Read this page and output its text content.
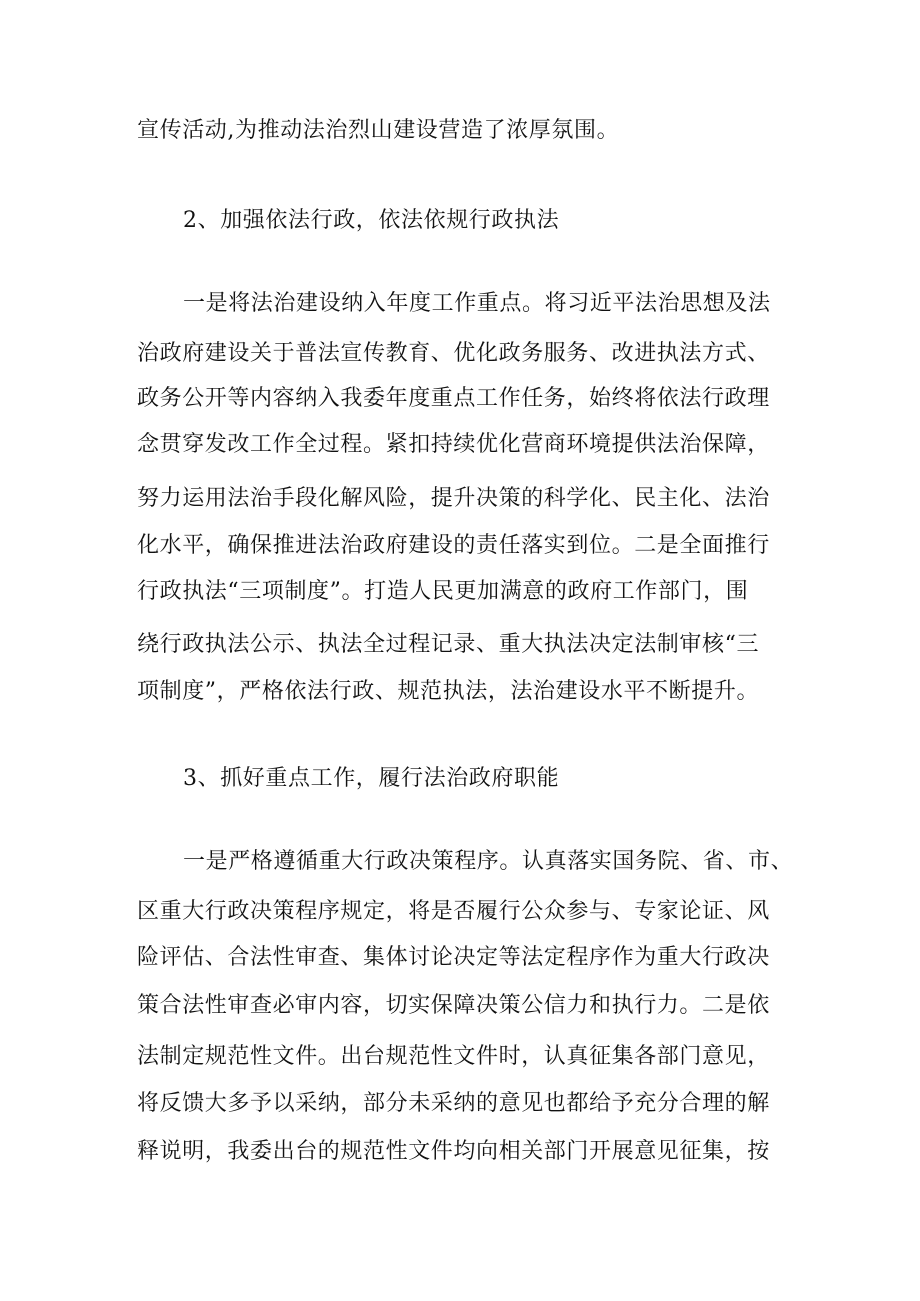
宣传活动,为推动法治烈山建设营造了浓厚氛围。
2、加强依法行政，依法依规行政执法
一是将法治建设纳入年度工作重点。将习近平法治思想及法
治政府建设关于普法宣传教育、优化政务服务、改进执法方式、
政务公开等内容纳入我委年度重点工作任务，始终将依法行政理
念贯穿发改工作全过程。紧扣持续优化营商环境提供法治保障，
努力运用法治手段化解风险，提升决策的科学化、民主化、法治
化水平，确保推进法治政府建设的责任落实到位。二是全面推行
行政执法“三项制度”。打造人民更加满意的政府工作部门，围
绕行政执法公示、执法全过程记录、重大执法决定法制审核“三
项制度”，严格依法行政、规范执法，法治建设水平不断提升。
3、抓好重点工作，履行法治政府职能
一是严格遵循重大行政决策程序。认真落实国务院、省、市、
区重大行政决策程序规定，将是否履行公众参与、专家论证、风
险评估、合法性审查、集体讨论决定等法定程序作为重大行政决
策合法性审查必审内容，切实保障决策公信力和执行力。二是依
法制定规范性文件。出台规范性文件时，认真征集各部门意见，
将反馈大多予以采纳，部分未采纳的意见也都给予充分合理的解
释说明，我委出台的规范性文件均向相关部门开展意见征集，按
